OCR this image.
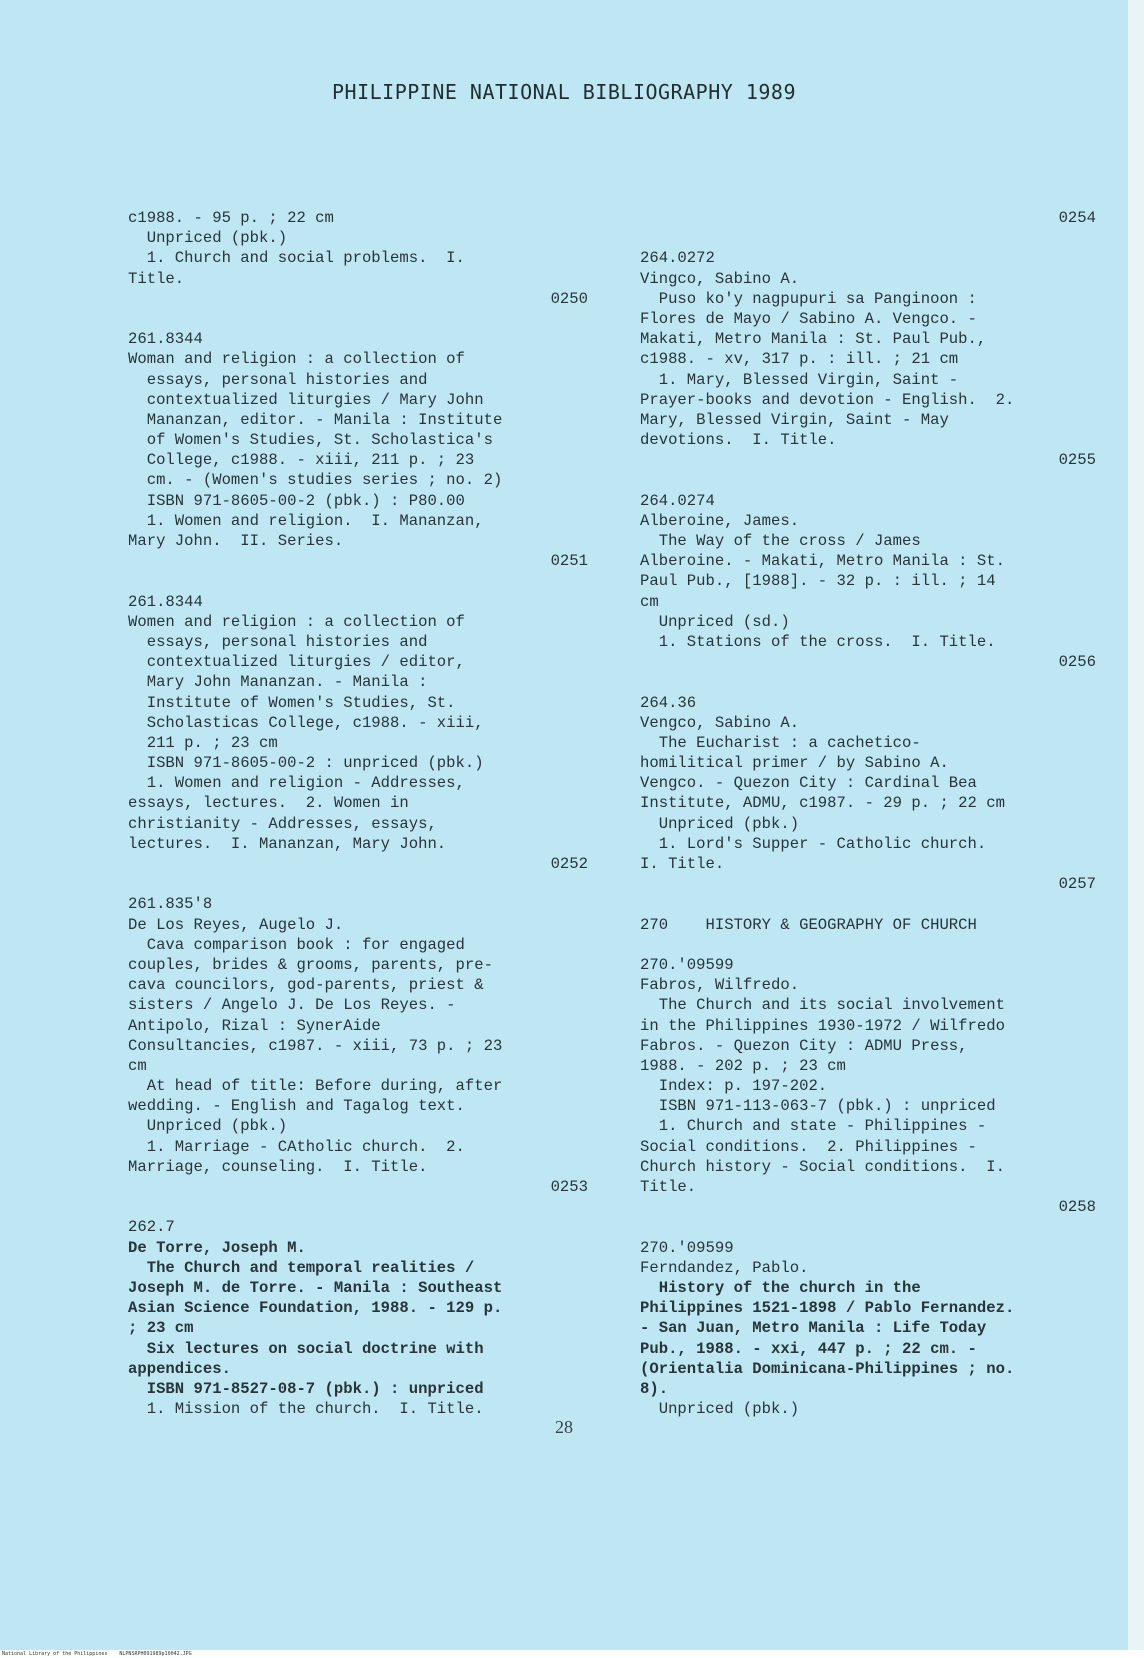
PHILIPPINE NATIONAL BIBLIOGRAPHY 1989
c1988. - 95 p. ; 22 cm
Unpriced (pbk.)
1. Church and social problems.  I.
Title.
0250
261.8344
Woman and religion : a collection of
essays, personal histories and
contextualized liturgies / Mary John
Mananzan, editor. - Manila : Institute
of Women's Studies, St. Scholastica's
College, c1988. - xiii, 211 p. ; 23
cm. - (Women's studies series ; no. 2)
ISBN 971-8605-00-2 (pbk.) : P80.00
1. Women and religion.  I. Mananzan,
Mary John.  II. Series.
0251
261.8344
Women and religion : a collection of
essays, personal histories and
contextualized liturgies / editor,
Mary John Mananzan. - Manila :
Institute of Women's Studies, St.
Scholasticas College, c1988. - xiii,
211 p. ; 23 cm
ISBN 971-8605-00-2 : unpriced (pbk.)
1. Women and religion - Addresses,
essays, lectures.  2. Women in
christianity - Addresses, essays,
lectures.  I. Mananzan, Mary John.
0252
261.835'8
De Los Reyes, Augelo J.
Cava comparison book : for engaged
couples, brides & grooms, parents, pre-
cava councilors, god-parents, priest &
sisters / Angelo J. De Los Reyes. -
Antipolo, Rizal : SynerAide
Consultancies, c1987. - xiii, 73 p. ; 23
cm
At head of title: Before during, after
wedding. - English and Tagalog text.
Unpriced (pbk.)
1. Marriage - CAtholic church.  2.
Marriage, counseling.  I. Title.
0253
262.7
De Torre, Joseph M.
The Church and temporal realities /
Joseph M. de Torre. - Manila : Southeast
Asian Science Foundation, 1988. - 129 p.
; 23 cm
Six lectures on social doctrine with
appendices.
ISBN 971-8527-08-7 (pbk.) : unpriced
1. Mission of the church.  I. Title.
0254
264.0272
Vingco, Sabino A.
Puso ko'y nagpupuri sa Panginoon :
Flores de Mayo / Sabino A. Vengco. -
Makati, Metro Manila : St. Paul Pub.,
c1988. - xv, 317 p. : ill. ; 21 cm
1. Mary, Blessed Virgin, Saint -
Prayer-books and devotion - English.  2.
Mary, Blessed Virgin, Saint - May
devotions.  I. Title.
0255
264.0274
Alberoine, James.
The Way of the cross / James
Alberoine. - Makati, Metro Manila : St.
Paul Pub., [1988]. - 32 p. : ill. ; 14
cm
Unpriced (sd.)
1. Stations of the cross.  I. Title.
0256
264.36
Vengco, Sabino A.
The Eucharist : a cachetico-
homilitical primer / by Sabino A.
Vengco. - Quezon City : Cardinal Bea
Institute, ADMU, c1987. - 29 p. ; 22 cm
Unpriced (pbk.)
1. Lord's Supper - Catholic church.
I. Title.
0257
270    HISTORY & GEOGRAPHY OF CHURCH
270.'09599
Fabros, Wilfredo.
The Church and its social involvement
in the Philippines 1930-1972 / Wilfredo
Fabros. - Quezon City : ADMU Press,
1988. - 202 p. ; 23 cm
Index: p. 197-202.
ISBN 971-113-063-7 (pbk.) : unpriced
1. Church and state - Philippines -
Social conditions.  2. Philippines -
Church history - Social conditions.  I.
Title.
0258
270.'09599
Ferndandez, Pablo.
History of the church in the
Philippines 1521-1898 / Pablo Fernandez.
- San Juan, Metro Manila : Life Today
Pub., 1988. - xxi, 447 p. ; 22 cm. -
(Orientalia Dominicana-Philippines ; no.
8).
Unpriced (pbk.)
28
National Library of the Philippines    NLPNSRPH091989p10042.JPG
